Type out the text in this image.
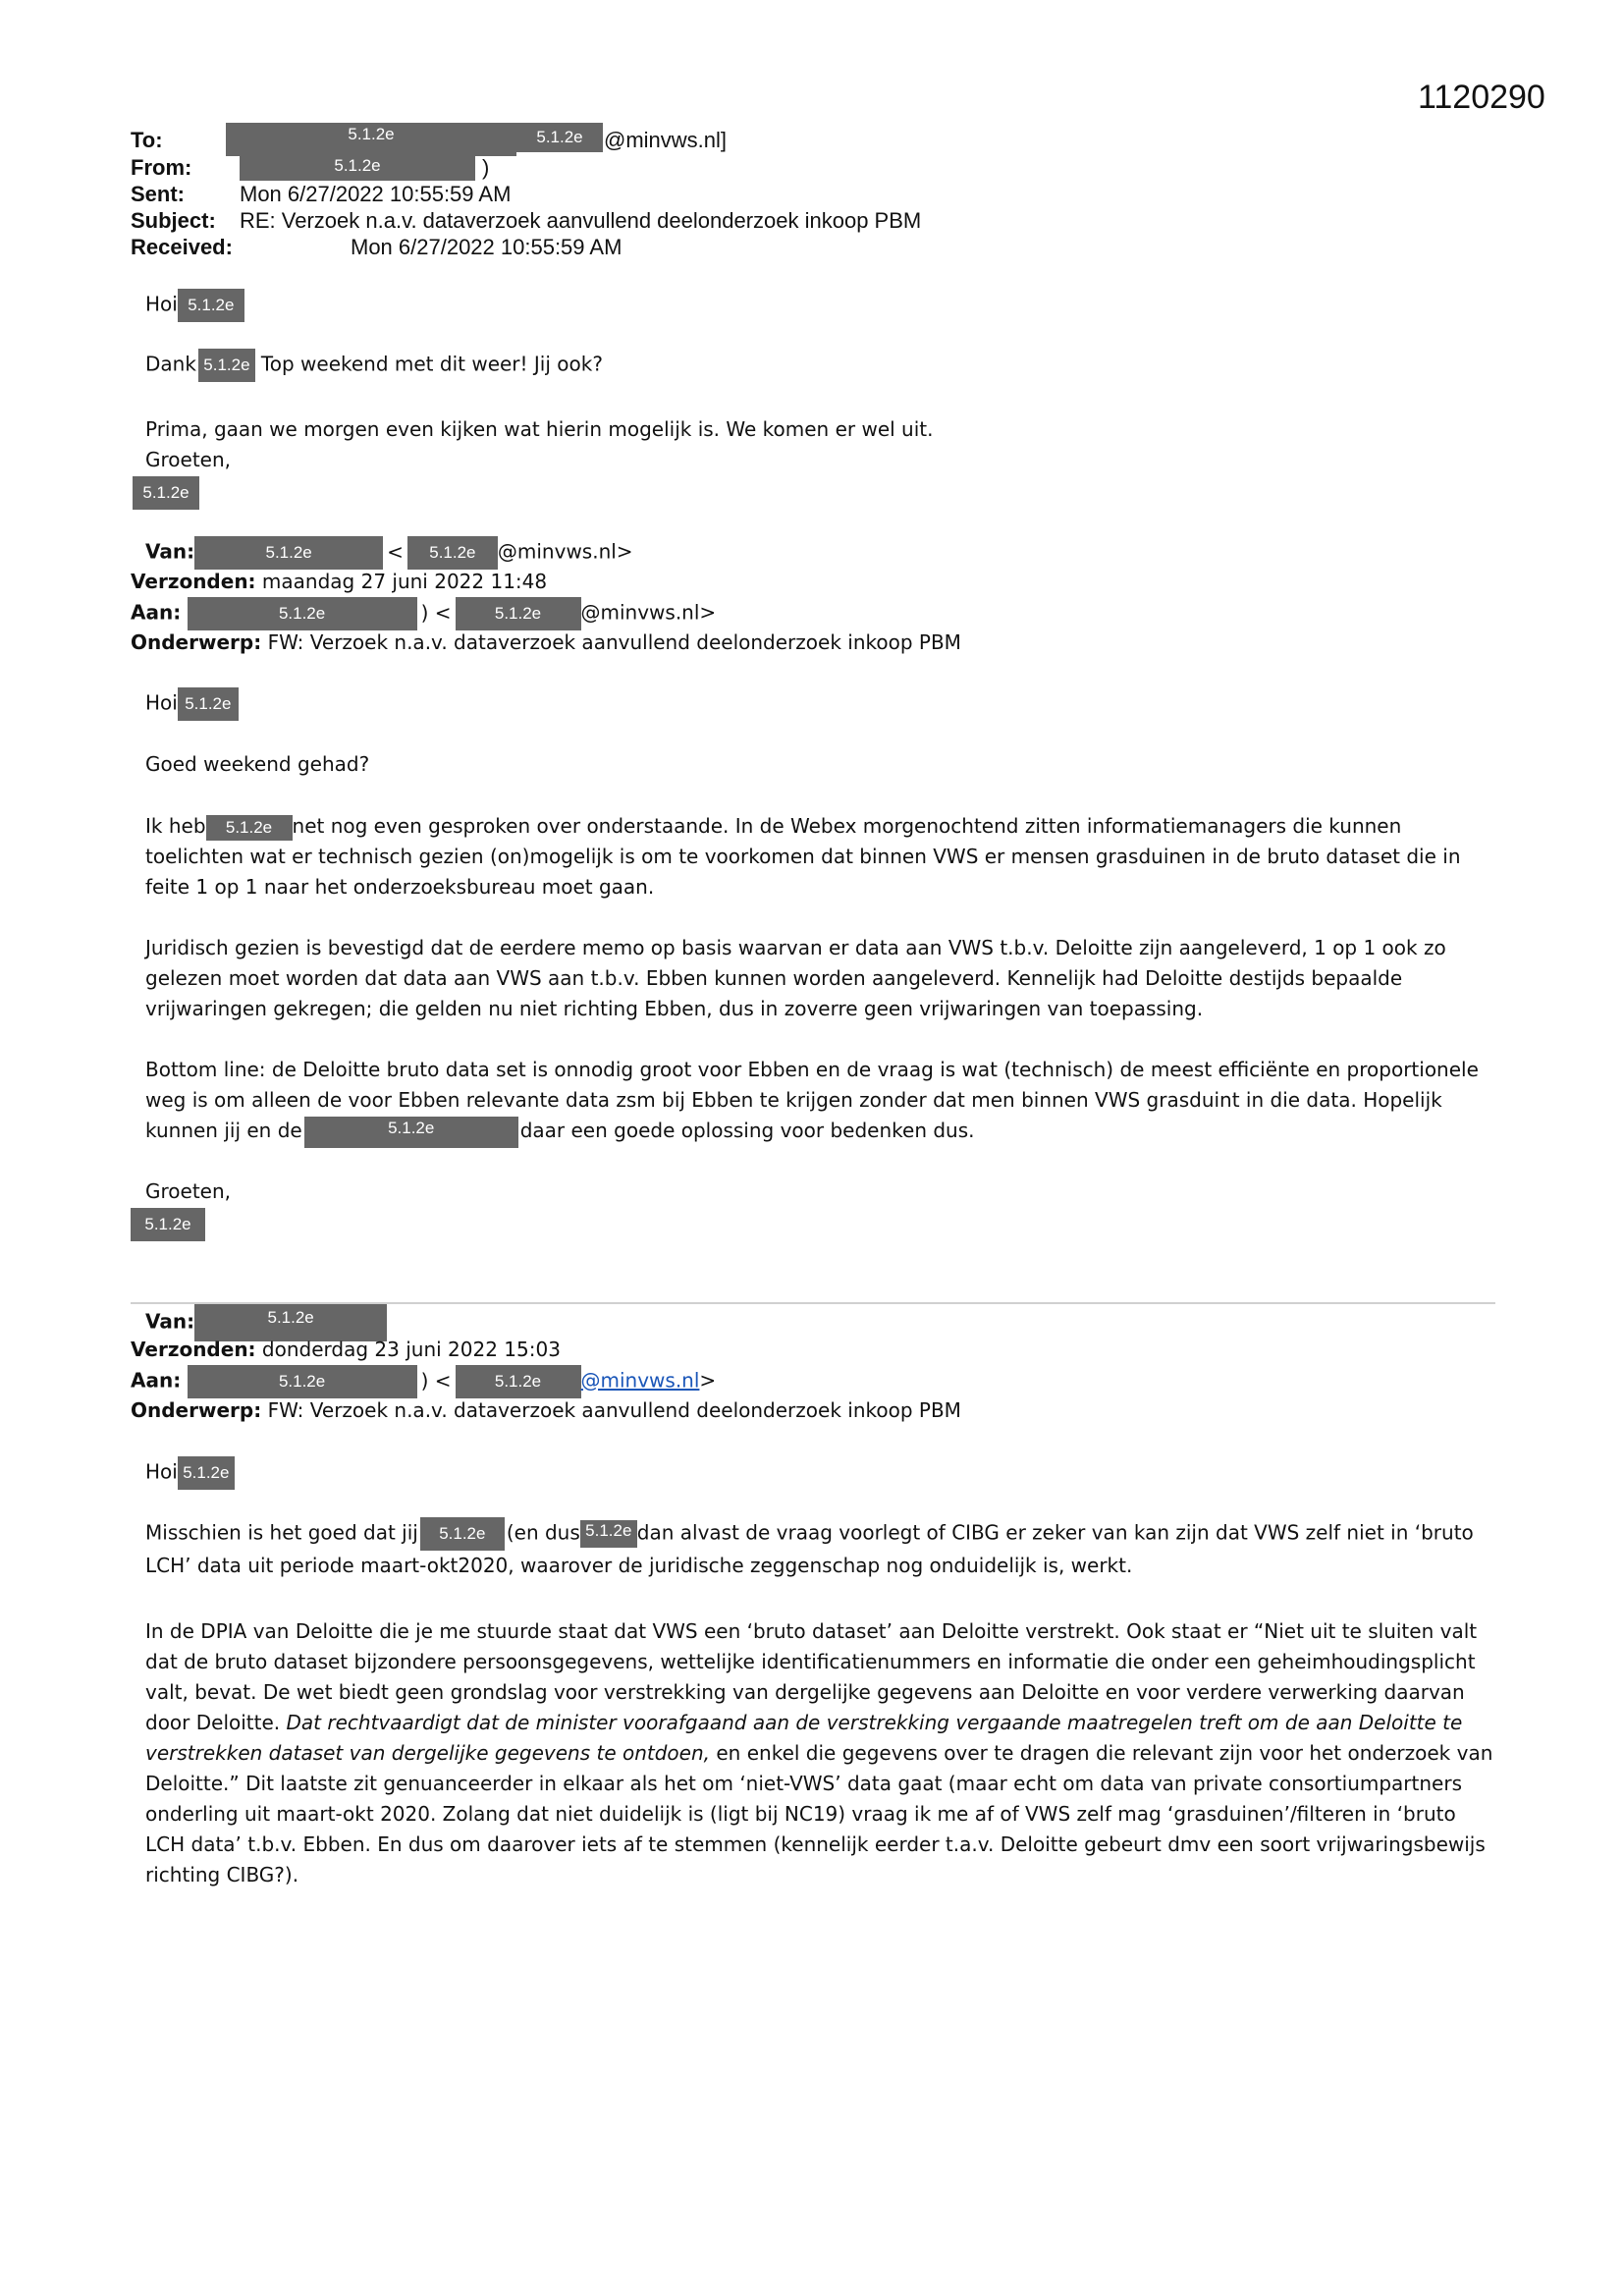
1120290
To:	5.1.2e	5.1.2e @minvws.nl]
From:	5.1.2e	)
Sent:	Mon 6/27/2022 10:55:59 AM
Subject: RE: Verzoek n.a.v. dataverzoek aanvullend deelonderzoek inkoop PBM
Received:	Mon 6/27/2022 10:55:59 AM
Hoi 5.1.2e
Dank 5.1.2e Top weekend met dit weer! Jij ook?
Prima, gaan we morgen even kijken wat hierin mogelijk is. We komen er wel uit.
Groeten,
5.1.2e
Van:	5.1.2e	< 5.1.2e @minvws.nl>
Verzonden: maandag 27 juni 2022 11:48
Aan:	5.1.2e	) <	5.1.2e @minvws.nl>
Onderwerp: FW: Verzoek n.a.v. dataverzoek aanvullend deelonderzoek inkoop PBM
Hoi 5.1.2e
Goed weekend gehad?
Ik heb 5.1.2e net nog even gesproken over onderstaande. In de Webex morgenochtend zitten informatiemanagers die kunnen toelichten wat er technisch gezien (on)mogelijk is om te voorkomen dat binnen VWS er mensen grasduinen in de bruto dataset die in feite 1 op 1 naar het onderzoeksbureau moet gaan.
Juridisch gezien is bevestigd dat de eerdere memo op basis waarvan er data aan VWS t.b.v. Deloitte zijn aangeleverd, 1 op 1 ook zo gelezen moet worden dat data aan VWS aan t.b.v. Ebben kunnen worden aangeleverd. Kennelijk had Deloitte destijds bepaalde vrijwaringen gekregen; die gelden nu niet richting Ebben, dus in zoverre geen vrijwaringen van toepassing.
Bottom line: de Deloitte bruto data set is onnodig groot voor Ebben en de vraag is wat (technisch) de meest efficiënte en proportionele weg is om alleen de voor Ebben relevante data zsm bij Ebben te krijgen zonder dat men binnen VWS grasduint in die data. Hopelijk kunnen jij en de	5.1.2e	daar een goede oplossing voor bedenken dus.
Groeten,
5.1.2e
Van:	5.1.2e
Verzonden: donderdag 23 juni 2022 15:03
Aan:	5.1.2e	) <	5.1.2e @minvws.nl>
Onderwerp: FW: Verzoek n.a.v. dataverzoek aanvullend deelonderzoek inkoop PBM
Hoi 5.1.2e
Misschien is het goed dat jij 5.1.2e (en dus 5.1.2e dan alvast de vraag voorlegt of CIBG er zeker van kan zijn dat VWS zelf niet in ‘bruto LCH’ data uit periode maart-okt2020, waarover de juridische zeggenschap nog onduidelijk is, werkt.
In de DPIA van Deloitte die je me stuurde staat dat VWS een ‘bruto dataset’ aan Deloitte verstrekt. Ook staat er “Niet uit te sluiten valt dat de bruto dataset bijzondere persoonsgegevens, wettelijke identificatienummers en informatie die onder een geheimhoudingsplicht valt, bevat. De wet biedt geen grondslag voor verstrekking van dergelijke gegevens aan Deloitte en voor verdere verwerking daarvan door Deloitte. Dat rechtvaardigt dat de minister voorafgaand aan de verstrekking vergaande maatregelen treft om de aan Deloitte te verstrekken dataset van dergelijke gegevens te ontdoen, en enkel die gegevens over te dragen die relevant zijn voor het onderzoek van Deloitte.” Dit laatste zit genuanceerder in elkaar als het om ‘niet-VWS’ data gaat (maar echt om data van private consortiumpartners onderling uit maart-okt 2020. Zolang dat niet duidelijk is (ligt bij NC19) vraag ik me af of VWS zelf mag ‘grasduinen’/filteren in ‘bruto LCH data’ t.b.v. Ebben. En dus om daarover iets af te stemmen (kennelijk eerder t.a.v. Deloitte gebeurt dmv een soort vrijwaringsbewijs richting CIBG?).
